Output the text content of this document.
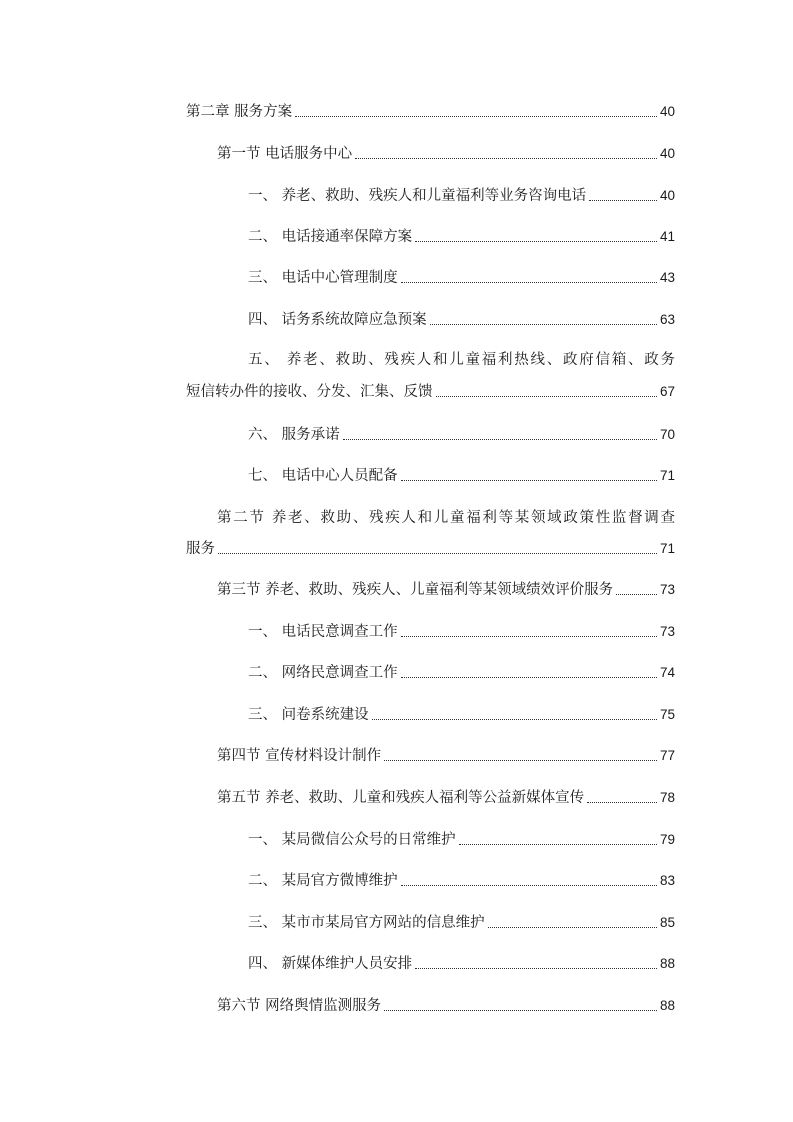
第二章 服务方案	40
第一节 电话服务中心	40
一、 养老、救助、残疾人和儿童福利等业务咨询电话	40
二、 电话接通率保障方案	41
三、 电话中心管理制度	43
四、 话务系统故障应急预案	63
五、 养老、救助、残疾人和儿童福利热线、政府信箱、政务
短信转办件的接收、分发、汇集、反馈	67
六、 服务承诺	70
七、 电话中心人员配备	71
第二节 养老、救助、残疾人和儿童福利等某领域政策性监督调查
服务	71
第三节 养老、救助、残疾人、儿童福利等某领域绩效评价服务	73
一、 电话民意调查工作	73
二、 网络民意调查工作	74
三、 问卷系统建设	75
第四节 宣传材料设计制作	77
第五节 养老、救助、儿童和残疾人福利等公益新媒体宣传	78
一、 某局微信公众号的日常维护	79
二、 某局官方微博维护	83
三、 某市市某局官方网站的信息维护	85
四、 新媒体维护人员安排	88
第六节 网络舆情监测服务	88
